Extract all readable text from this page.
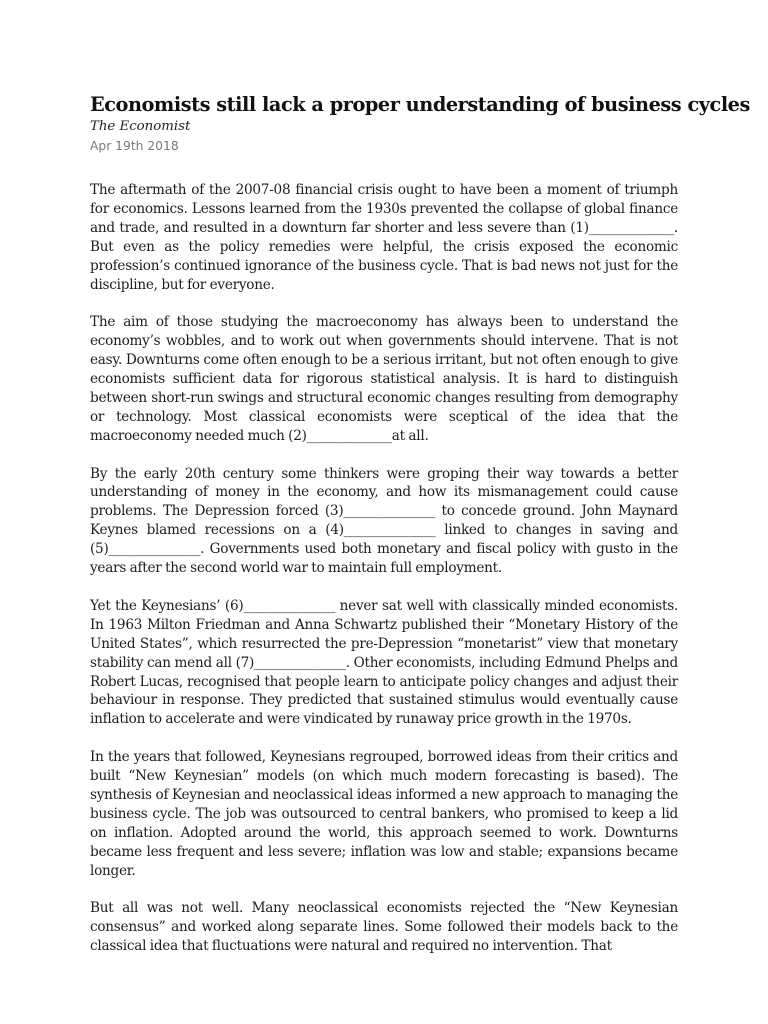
Economists still lack a proper understanding of business cycles
The Economist
Apr 19th 2018

The aftermath of the 2007-08 financial crisis ought to have been a moment of triumph for economics. Lessons learned from the 1930s prevented the collapse of global finance and trade, and resulted in a downturn far shorter and less severe than (1)_____________. But even as the policy remedies were helpful, the crisis exposed the economic profession’s continued ignorance of the business cycle. That is bad news not just for the discipline, but for everyone.

The aim of those studying the macroeconomy has always been to understand the economy’s wobbles, and to work out when governments should intervene. That is not easy. Downturns come often enough to be a serious irritant, but not often enough to give economists sufficient data for rigorous statistical analysis. It is hard to distinguish between short-run swings and structural economic changes resulting from demography or technology. Most classical economists were sceptical of the idea that the macroeconomy needed much (2)_____________at all.

By the early 20th century some thinkers were groping their way towards a better understanding of money in the economy, and how its mismanagement could cause problems. The Depression forced (3)______________ to concede ground. John Maynard Keynes blamed recessions on a (4)______________ linked to changes in saving and (5)______________. Governments used both monetary and fiscal policy with gusto in the years after the second world war to maintain full employment.

Yet the Keynesians’ (6)______________ never sat well with classically minded economists. In 1963 Milton Friedman and Anna Schwartz published their “Monetary History of the United States”, which resurrected the pre-Depression “monetarist” view that monetary stability can mend all (7)______________. Other economists, including Edmund Phelps and Robert Lucas, recognised that people learn to anticipate policy changes and adjust their behaviour in response. They predicted that sustained stimulus would eventually cause inflation to accelerate and were vindicated by runaway price growth in the 1970s.

In the years that followed, Keynesians regrouped, borrowed ideas from their critics and built “New Keynesian” models (on which much modern forecasting is based). The synthesis of Keynesian and neoclassical ideas informed a new approach to managing the business cycle. The job was outsourced to central bankers, who promised to keep a lid on inflation. Adopted around the world, this approach seemed to work. Downturns became less frequent and less severe; inflation was low and stable; expansions became longer.

But all was not well. Many neoclassical economists rejected the “New Keynesian consensus” and worked along separate lines. Some followed their models back to the classical idea that fluctuations were natural and required no intervention. That
